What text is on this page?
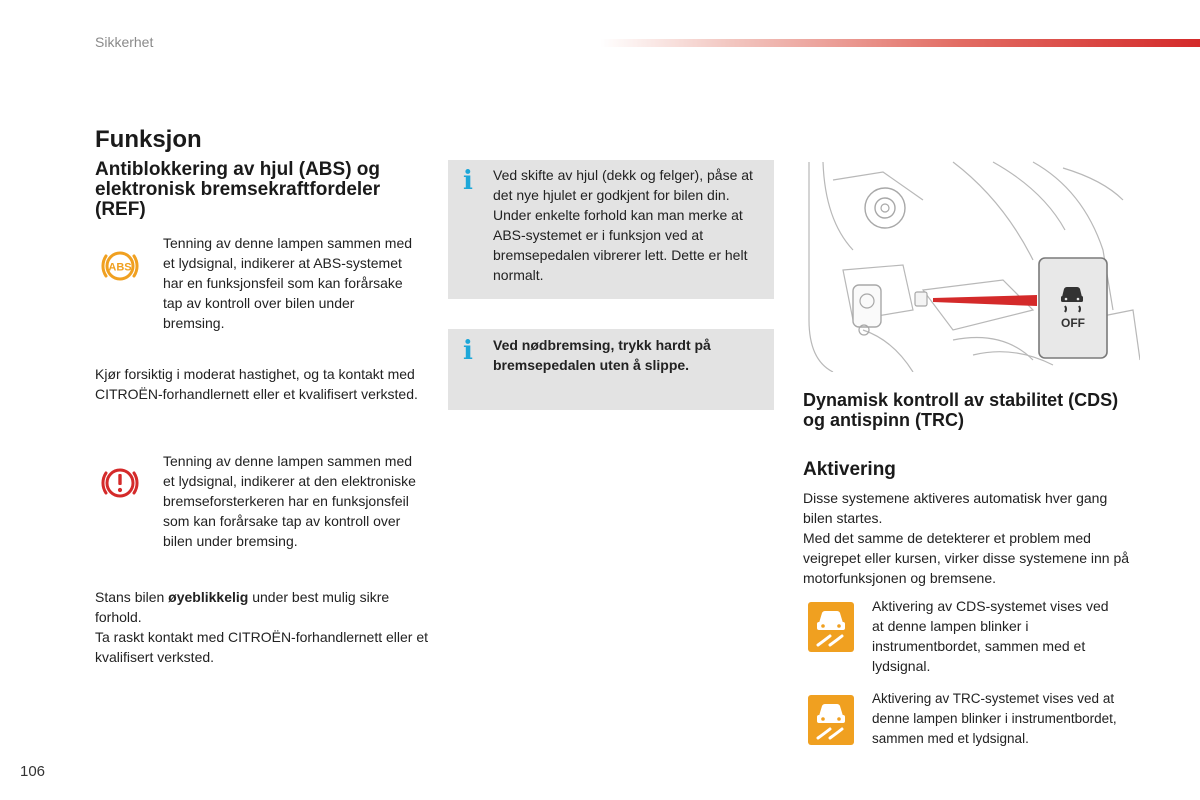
Sikkerhet
Funksjon
Antiblokkering av hjul (ABS) og elektronisk bremsekraftfordeler (REF)
ABS

Tenning av denne lampen sammen med et lydsignal, indikerer at ABS-systemet har en funksjonsfeil som kan forårsake tap av kontroll over bilen under bremsing.

Kjør forsiktig i moderat hastighet, og ta kontakt med CITROËN-forhandlernett eller et kvalifisert verksted.

Tenning av denne lampen sammen med et lydsignal, indikerer at den elektroniske bremseforsterkeren har en funksjonsfeil som kan forårsake tap av kontroll over bilen under bremsing.

Stans bilen øyeblikkelig under best mulig sikre forhold.
Ta raskt kontakt med CITROËN-forhandlernett eller et kvalifisert verksted.

i Ved skifte av hjul (dekk og felger), påse at det nye hjulet er godkjent for bilen din. Under enkelte forhold kan man merke at ABS-systemet er i funksjon ved at bremsepedalen vibrerer lett. Dette er helt normalt.

i Ved nødbremsing, trykk hardt på bremsepedalen uten å slippe.

OFF
Dynamisk kontroll av stabilitet (CDS) og antispinn (TRC)
Aktivering

Disse systemene aktiveres automatisk hver gang bilen startes.

Med det samme de detekterer et problem med veigrepet eller kursen, virker disse systemene inn på motorfunksjonen og bremsene.

Aktivering av CDS-systemet vises ved at denne lampen blinker i instrumentbordet, sammen med et lydsignal.

Aktivering av TRC-systemet vises ved at denne lampen blinker i instrumentbordet, sammen med et lydsignal.

106
